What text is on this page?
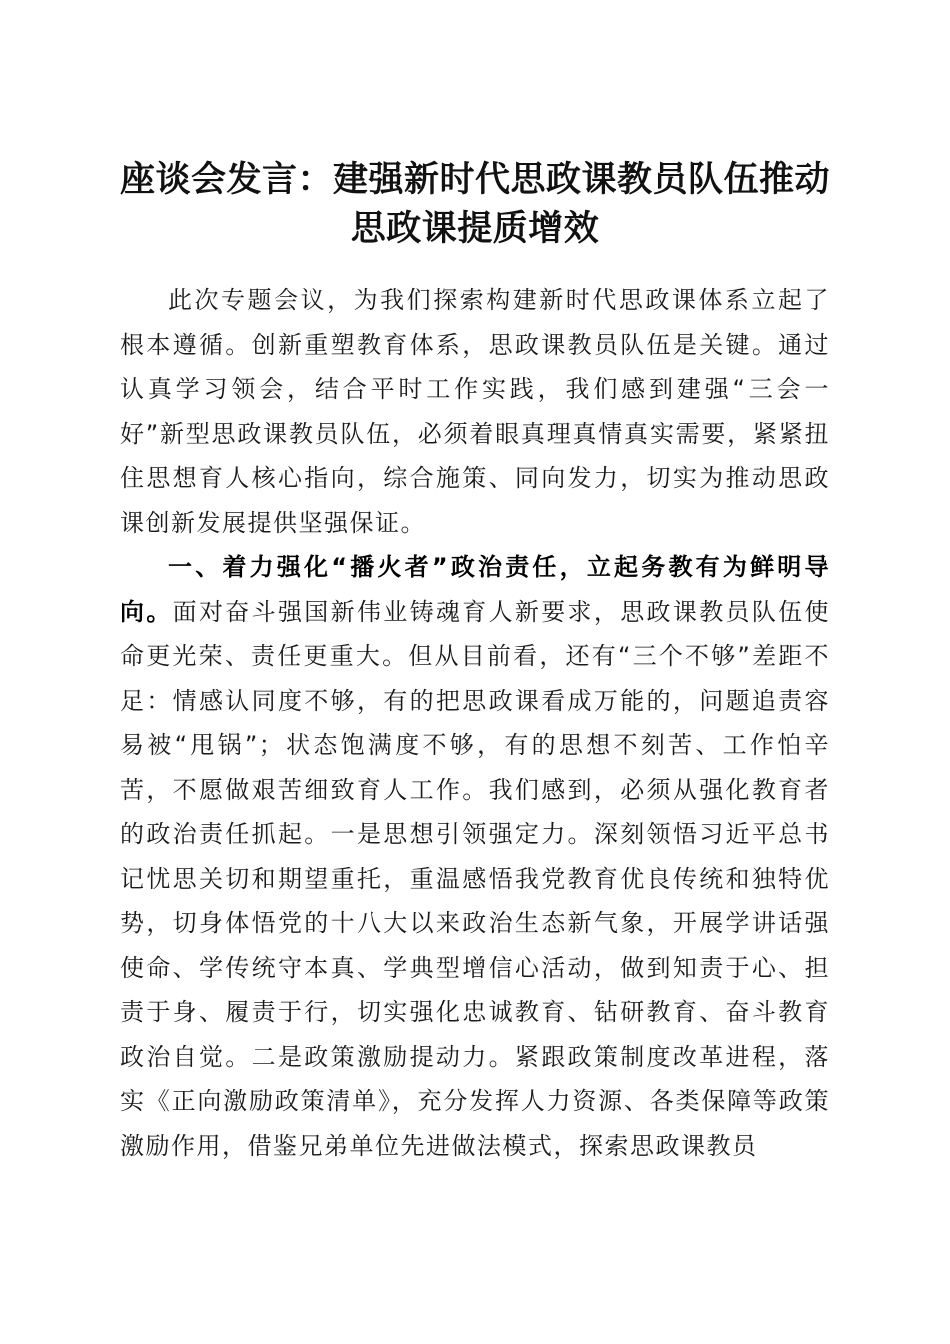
座谈会发言：建强新时代思政课教员队伍推动
思政课提质增效

此次专题会议，为我们探索构建新时代思政课体系立起了根本遵循。创新重塑教育体系，思政课教员队伍是关键。通过认真学习领会，结合平时工作实践，我们感到建强“三会一好”新型思政课教员队伍，必须着眼真理真情真实需要，紧紧扭住思想育人核心指向，综合施策、同向发力，切实为推动思政课创新发展提供坚强保证。

一、着力强化“播火者”政治责任，立起务教有为鲜明导向。面对奋斗强国新伟业铸魂育人新要求，思政课教员队伍使命更光荣、责任更重大。但从目前看，还有“三个不够”差距不足：情感认同度不够，有的把思政课看成万能的，问题追责容易被“甩锅”；状态饱满度不够，有的思想不刻苦、工作怕辛苦，不愿做艰苦细致育人工作。我们感到，必须从强化教育者的政治责任抓起。一是思想引领强定力。深刻领悟习近平总书记忧思关切和期望重托，重温感悟我党教育优良传统和独特优势，切身体悟党的十八大以来政治生态新气象，开展学讲话强使命、学传统守本真、学典型增信心活动，做到知责于心、担责于身、履责于行，切实强化忠诚教育、钻研教育、奋斗教育政治自觉。二是政策激励提动力。紧跟政策制度改革进程，落实《正向激励政策清单》，充分发挥人力资源、各类保障等政策激励作用，借鉴兄弟单位先进做法模式，探索思政课教员
